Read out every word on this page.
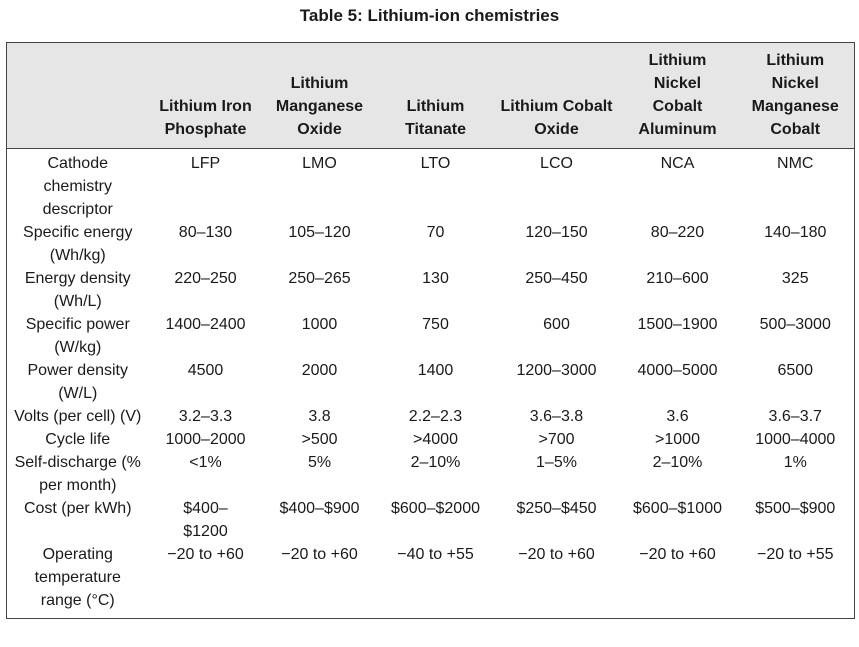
Table 5: Lithium-ion chemistries
	Lithium Iron Phosphate	Lithium Manganese Oxide	Lithium Titanate	Lithium Cobalt Oxide	Lithium Nickel Cobalt Aluminum	Lithium Nickel Manganese Cobalt
Cathode chemistry descriptor	LFP	LMO	LTO	LCO	NCA	NMC
Specific energy (Wh/kg)	80–130	105–120	70	120–150	80–220	140–180
Energy density (Wh/L)	220–250	250–265	130	250–450	210–600	325
Specific power (W/kg)	1400–2400	1000	750	600	1500–1900	500–3000
Power density (W/L)	4500	2000	1400	1200–3000	4000–5000	6500
Volts (per cell) (V)	3.2–3.3	3.8	2.2–2.3	3.6–3.8	3.6	3.6–3.7
Cycle life	1000–2000	>500	>4000	>700	>1000	1000–4000
Self-discharge (% per month)	<1%	5%	2–10%	1–5%	2–10%	1%
Cost (per kWh)	$400–$1200	$400–$900	$600–$2000	$250–$450	$600–$1000	$500–$900
Operating temperature range (°C)	−20 to +60	−20 to +60	−40 to +55	−20 to +60	−20 to +60	−20 to +55
